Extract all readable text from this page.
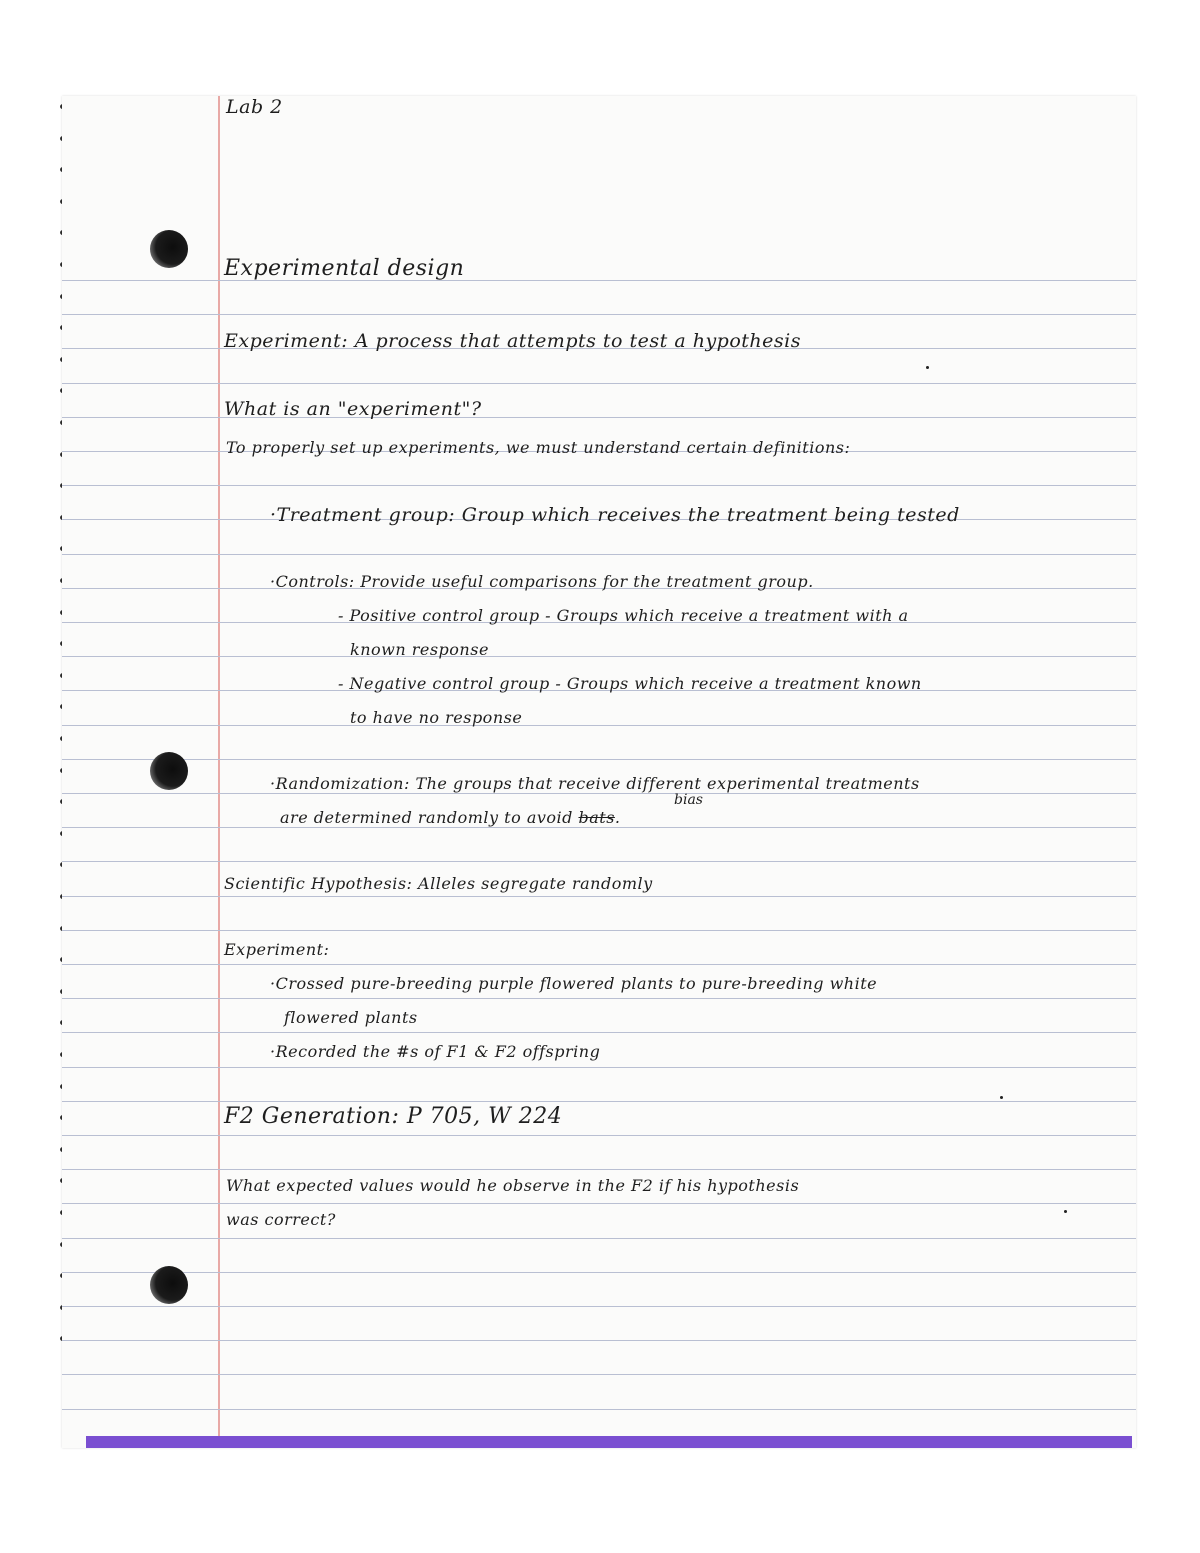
Lab 2
Experimental design
Experiment: A process that attempts to test a hypothesis
What is an "experiment"?
To properly set up experiments, we must understand certain definitions:
·Treatment group: Group which receives the treatment being tested
·Controls: Provide useful comparisons for the treatment group.
- Positive control group - Groups which receive a treatment with a
known response
- Negative control group - Groups which receive a treatment known
to have no response
·Randomization: The groups that receive different experimental treatments
are determined randomly to avoid bats.
bias
Scientific Hypothesis: Alleles segregate randomly
Experiment:
·Crossed pure-breeding purple flowered plants to pure-breeding white
flowered plants
·Recorded the #s of F1 & F2 offspring
F2 Generation: P 705, W 224
What expected values would he observe in the F2 if his hypothesis
was correct?
